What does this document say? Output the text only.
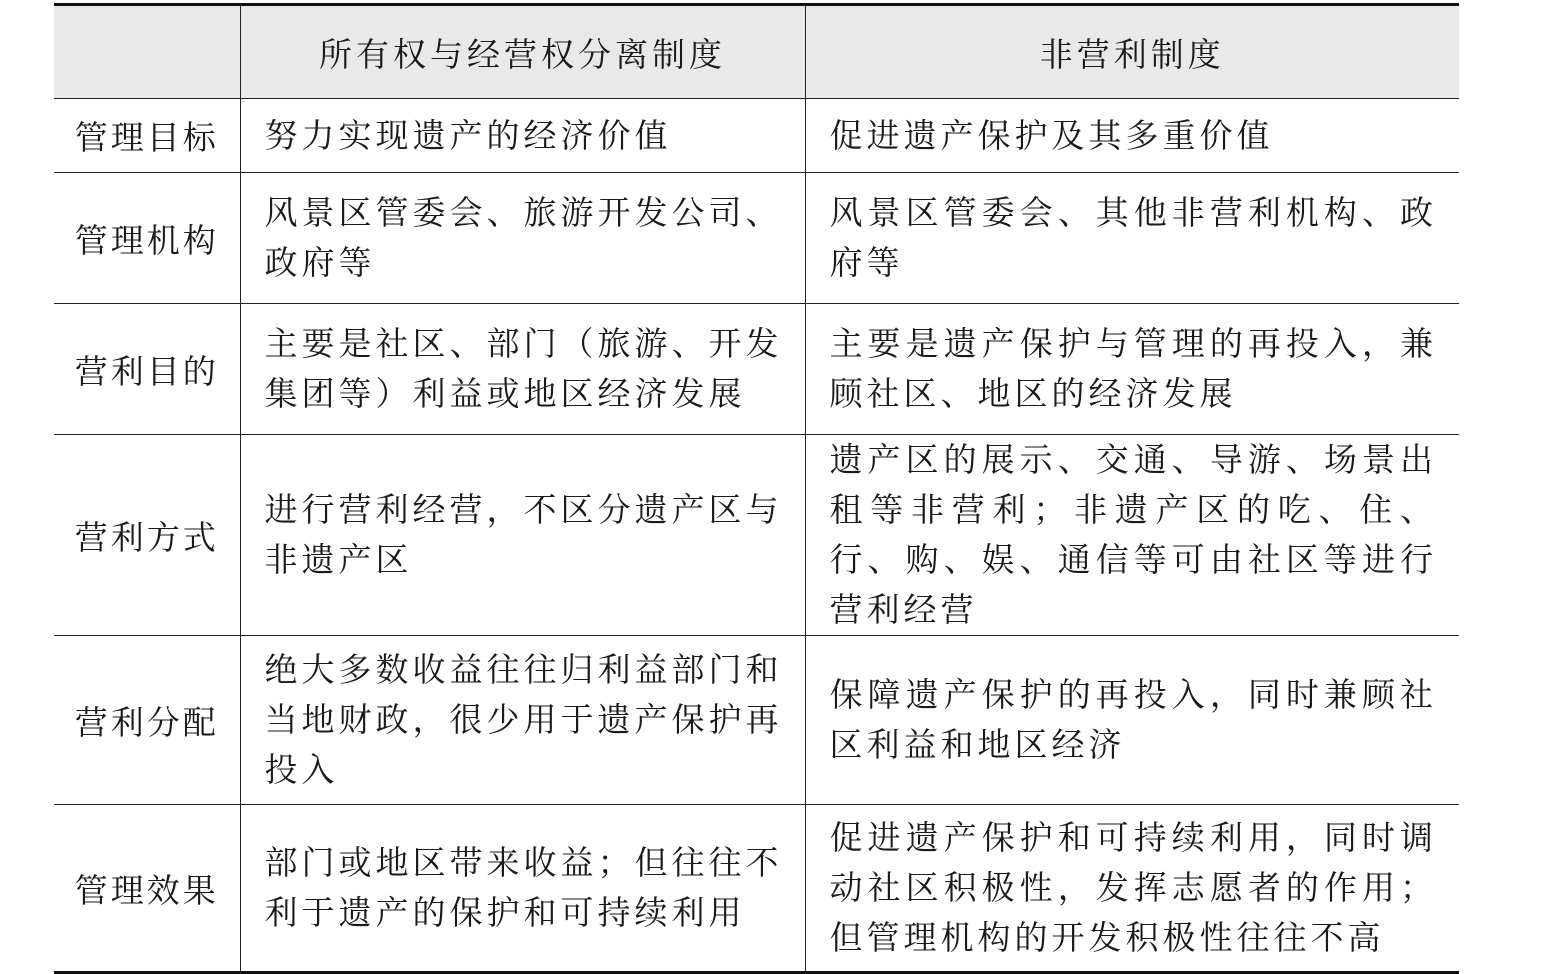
	所有权与经营权分离制度	非营利制度
管理目标	努力实现遗产的经济价值	促进遗产保护及其多重价值
管理机构	风景区管委会、旅游开发公司、政府等	风景区管委会、其他非营利机构、政府等
营利目的	主要是社区、部门（旅游、开发集团等）利益或地区经济发展	主要是遗产保护与管理的再投入，兼顾社区、地区的经济发展
营利方式	进行营利经营，不区分遗产区与非遗产区	遗产区的展示、交通、导游、场景出租等非营利；非遗产区的吃、住、行、购、娱、通信等可由社区等进行营利经营
营利分配	绝大多数收益往往归利益部门和当地财政，很少用于遗产保护再投入	保障遗产保护的再投入，同时兼顾社区利益和地区经济
管理效果	部门或地区带来收益；但往往不利于遗产的保护和可持续利用	促进遗产保护和可持续利用，同时调动社区积极性，发挥志愿者的作用；但管理机构的开发积极性往往不高
